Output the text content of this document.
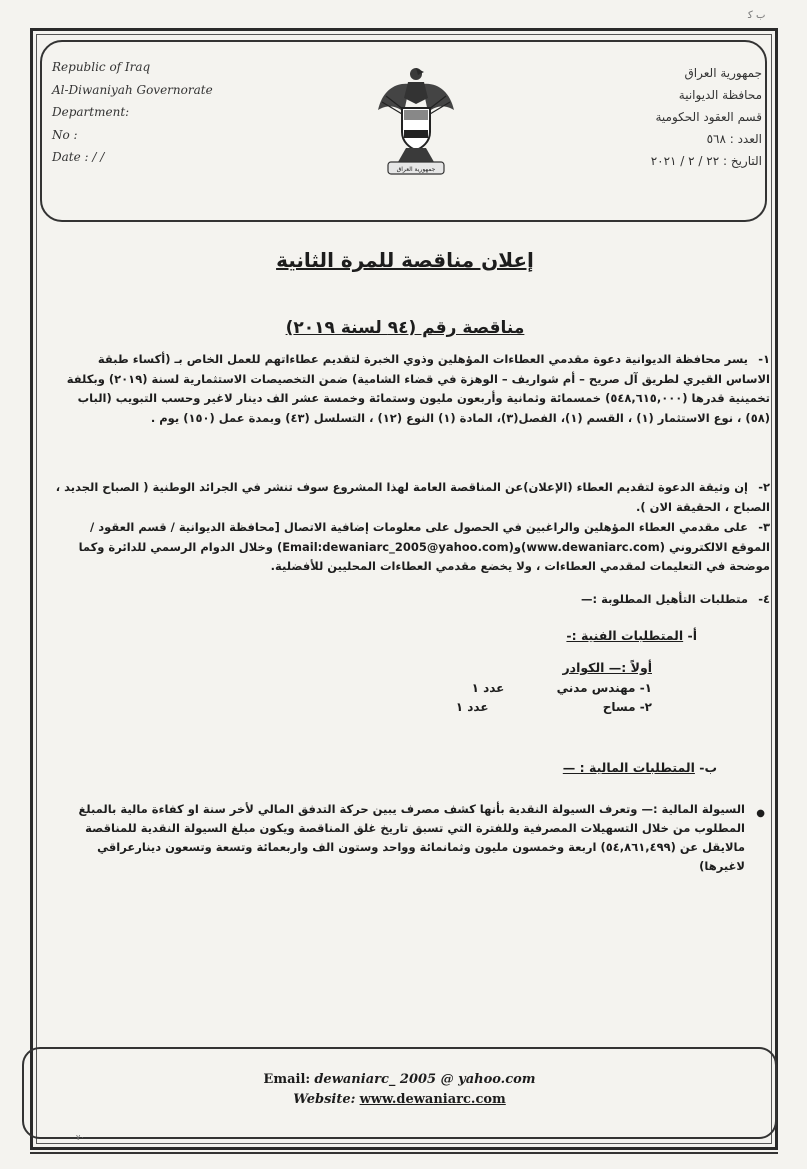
ب ﮐ
Republic of Iraq
Al-Diwaniyah Governorate
Department:
No :
Date : / /
جمهورية العراق
جمهورية العراق
محافظة الديوانية
قسم العقود الحكومية
العدد : ٥٦٨
التاريخ : ٢٢ / ٢ / ٢٠٢١
إعلان مناقصة للمرة الثانية
مناقصة رقم (٩٤ لسنة ٢٠١٩)
١- يسر محافظة الديوانية دعوة مقدمي العطاءات المؤهلين وذوي الخبرة لتقديم عطاءاتهم للعمل الخاص بـ (أكساء طبقة الاساس القيري لطريق آل صريح – أم شواريف – الوهزة في قضاء الشامية) ضمن التخصيصات الاستثمارية لسنة (٢٠١٩) وبكلفة تخمينية قدرها (٥٤٨,٦١٥,٠٠٠) خمسمائة وثمانية وأربعون مليون وستمائة وخمسة عشر الف دينار لاغير وحسب التبويب (الباب (٥٨) ، نوع الاستثمار (١) ، القسم (١)، الفصل(٣)، المادة (١) النوع (١٢) ، التسلسل (٤٣) وبمدة عمل (١٥٠) يوم .
٢- إن وثيقة الدعوة لتقديم العطاء (الإعلان)عن المناقصة العامة لهذا المشروع سوف تنشر في الجرائد الوطنية ( الصباح الجديد ، الصباح ، الحقيقة الان ).
٣- على مقدمي العطاء المؤهلين والراغبين في الحصول على معلومات إضافية الاتصال [محافظة الديوانية / قسم العقود / الموقع الالكتروني (www.dewaniarc.com)و(Email:dewaniarc_2005@yahoo.com) وخلال الدوام الرسمي للدائرة وكما موضحة في التعليمات لمقدمي العطاءات ، ولا يخضع مقدمي العطاءات المحليين للأفضلية.
٤- متطلبات التأهيل المطلوبة :—
أ- المتطلبات الفنية :-
أولاً :— الكوادر
١- مهندس مدني عدد ١
٢- مساح عدد ١
ب- المتطلبات المالية : —
●
السيولة المالية :— وتعرف السيولة النقدية بأنها كشف مصرف يبين حركة التدفق المالي لأخر سنة او كفاءة مالية بالمبلغ المطلوب من خلال التسهيلات المصرفية وللفترة التي تسبق تاريخ غلق المناقصة ويكون مبلغ السيولة النقدية للمناقصة مالايقل عن (٥٤,٨٦١,٤٩٩) اربعة وخمسون مليون وثمانمائة وواحد وستون الف واربعمائة وتسعة وتسعون دينارعراقي لاغيرها)
Email: dewaniarc_ 2005 @ yahoo.com
Website: www.dewaniarc.com
٧٠
